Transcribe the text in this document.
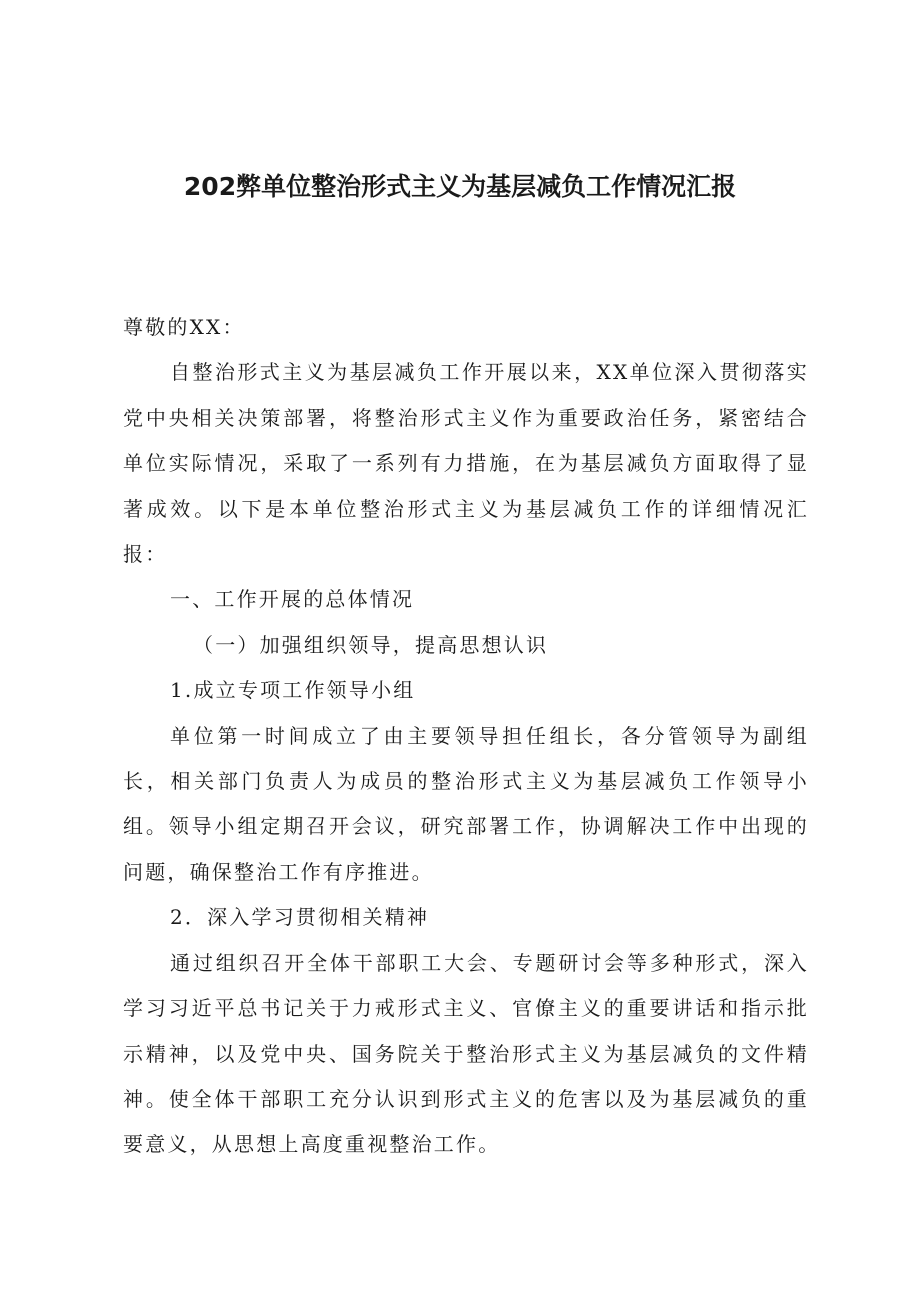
202弊单位整治形式主义为基层减负工作情况汇报

尊敬的XX：

自整治形式主义为基层减负工作开展以来，XX单位深入贯彻落实党中央相关决策部署，将整治形式主义作为重要政治任务，紧密结合单位实际情况，采取了一系列有力措施，在为基层减负方面取得了显著成效。以下是本单位整治形式主义为基层减负工作的详细情况汇报：

一、工作开展的总体情况

（一）加强组织领导，提高思想认识

1.成立专项工作领导小组

单位第一时间成立了由主要领导担任组长，各分管领导为副组长，相关部门负责人为成员的整治形式主义为基层减负工作领导小组。领导小组定期召开会议，研究部署工作，协调解决工作中出现的问题，确保整治工作有序推进。

2．深入学习贯彻相关精神

通过组织召开全体干部职工大会、专题研讨会等多种形式，深入学习习近平总书记关于力戒形式主义、官僚主义的重要讲话和指示批示精神，以及党中央、国务院关于整治形式主义为基层减负的文件精神。使全体干部职工充分认识到形式主义的危害以及为基层减负的重要意义，从思想上高度重视整治工作。
